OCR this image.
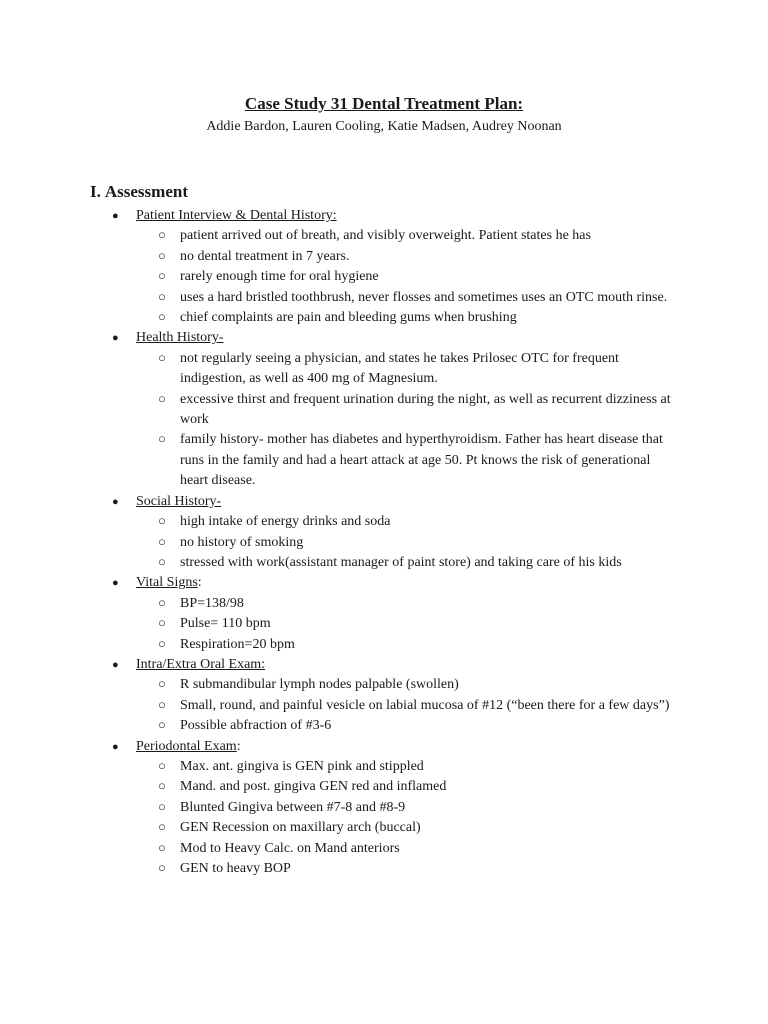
Case Study 31 Dental Treatment Plan:
Addie Bardon, Lauren Cooling, Katie Madsen, Audrey Noonan
I. Assessment
● Patient Interview & Dental History:
○ patient arrived out of breath, and visibly overweight. Patient states he has
○ no dental treatment in 7 years.
○ rarely enough time for oral hygiene
○ uses a hard bristled toothbrush, never flosses and sometimes uses an OTC mouth rinse.
○ chief complaints are pain and bleeding gums when brushing
● Health History-
○ not regularly seeing a physician, and states he takes Prilosec OTC for frequent indigestion, as well as 400 mg of Magnesium.
○ excessive thirst and frequent urination during the night, as well as recurrent dizziness at work
○ family history- mother has diabetes and hyperthyroidism. Father has heart disease that runs in the family and had a heart attack at age 50. Pt knows the risk of generational heart disease.
● Social History-
○ high intake of energy drinks and soda
○ no history of smoking
○ stressed with work(assistant manager of paint store) and taking care of his kids
● Vital Signs:
○ BP=138/98
○ Pulse= 110 bpm
○ Respiration=20 bpm
● Intra/Extra Oral Exam:
○ R submandibular lymph nodes palpable (swollen)
○ Small, round, and painful vesicle on labial mucosa of #12 (“been there for a few days”)
○ Possible abfraction of #3-6
● Periodontal Exam:
○ Max. ant. gingiva is GEN pink and stippled
○ Mand. and post. gingiva GEN red and inflamed
○ Blunted Gingiva between #7-8 and #8-9
○ GEN Recession on maxillary arch (buccal)
○ Mod to Heavy Calc. on Mand anteriors
○ GEN to heavy BOP
